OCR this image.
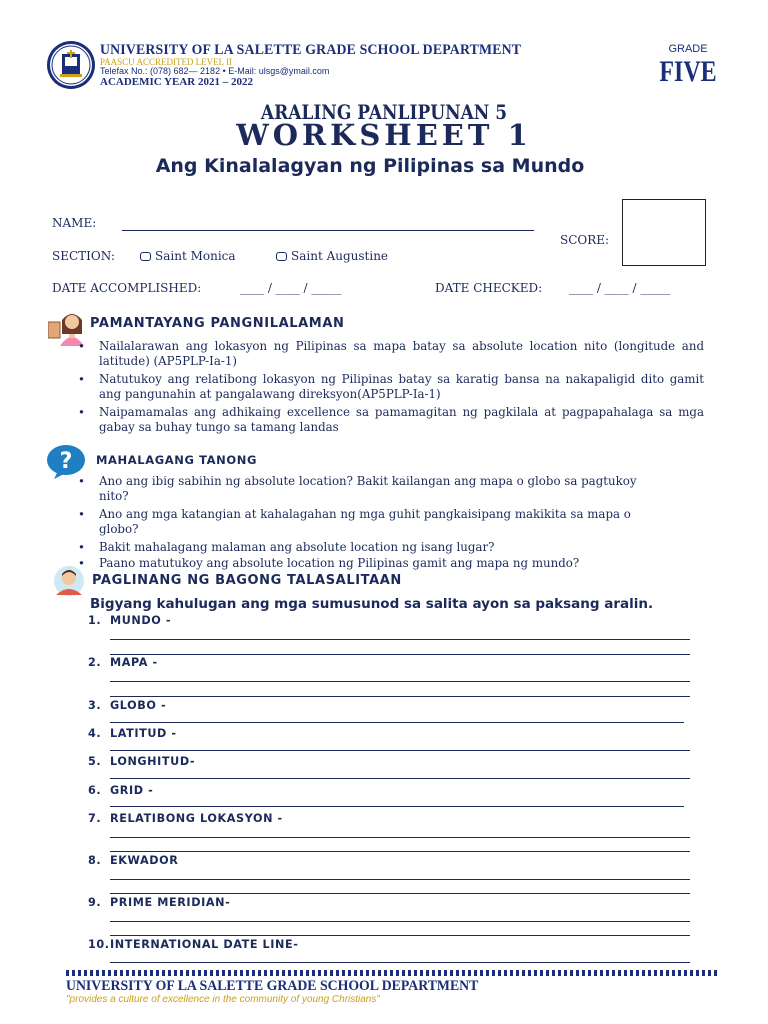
UNIVERSITY OF LA SALETTE GRADE SCHOOL DEPARTMENT
PAASCU ACCREDITED LEVEL II
Telefax No.: (078) 682— 2182 • E-Mail: ulsgs@ymail.com
ACADEMIC YEAR 2021 – 2022
GRADE
FIVE
ARALING PANLIPUNAN 5
WORKSHEET 1
Ang Kinalalagyan ng Pilipinas sa Mundo
NAME:
SCORE:
SECTION:	Saint Monica	Saint Augustine
DATE ACCOMPLISHED:	____ / ____ / _____	DATE CHECKED: ____ / ____ / _____
PAMANTAYANG PANGNILALAMAN
• Nailalarawan ang lokasyon ng Pilipinas sa mapa batay sa absolute location nito (longitude and latitude) (AP5PLP-Ia-1)
• Natutukoy ang relatibong lokasyon ng Pilipinas batay sa karatig bansa na nakapaligid dito gamit ang pangunahin at pangalawang direksyon(AP5PLP-Ia-1)
• Naipamamalas ang adhikaing excellence sa pamamagitan ng pagkilala at pagpapahalaga sa mga gabay sa buhay tungo sa tamang landas
? MAHALAGANG TANONG
• Ano ang ibig sabihin ng absolute location? Bakit kailangan ang mapa o globo sa pagtukoy nito?
• Ano ang mga katangian at kahalagahan ng mga guhit pangkaisipang makikita sa mapa o globo?
• Bakit mahalagang malaman ang absolute location ng isang lugar?
• Paano matutukoy ang absolute location ng Pilipinas gamit ang mapa ng mundo?
PAGLINANG NG BAGONG TALASALITAAN
Bigyang kahulugan ang mga sumusunod sa salita ayon sa paksang aralin.
1. MUNDO -
2. MAPA -
3. GLOBO -
4. LATITUD -
5. LONGHITUD-
6. GRID -
7. RELATIBONG LOKASYON -
8. EKWADOR
9. PRIME MERIDIAN-
10.INTERNATIONAL DATE LINE-
UNIVERSITY OF LA SALETTE GRADE SCHOOL DEPARTMENT
"provides a culture of excellence in the community of young Christians"
